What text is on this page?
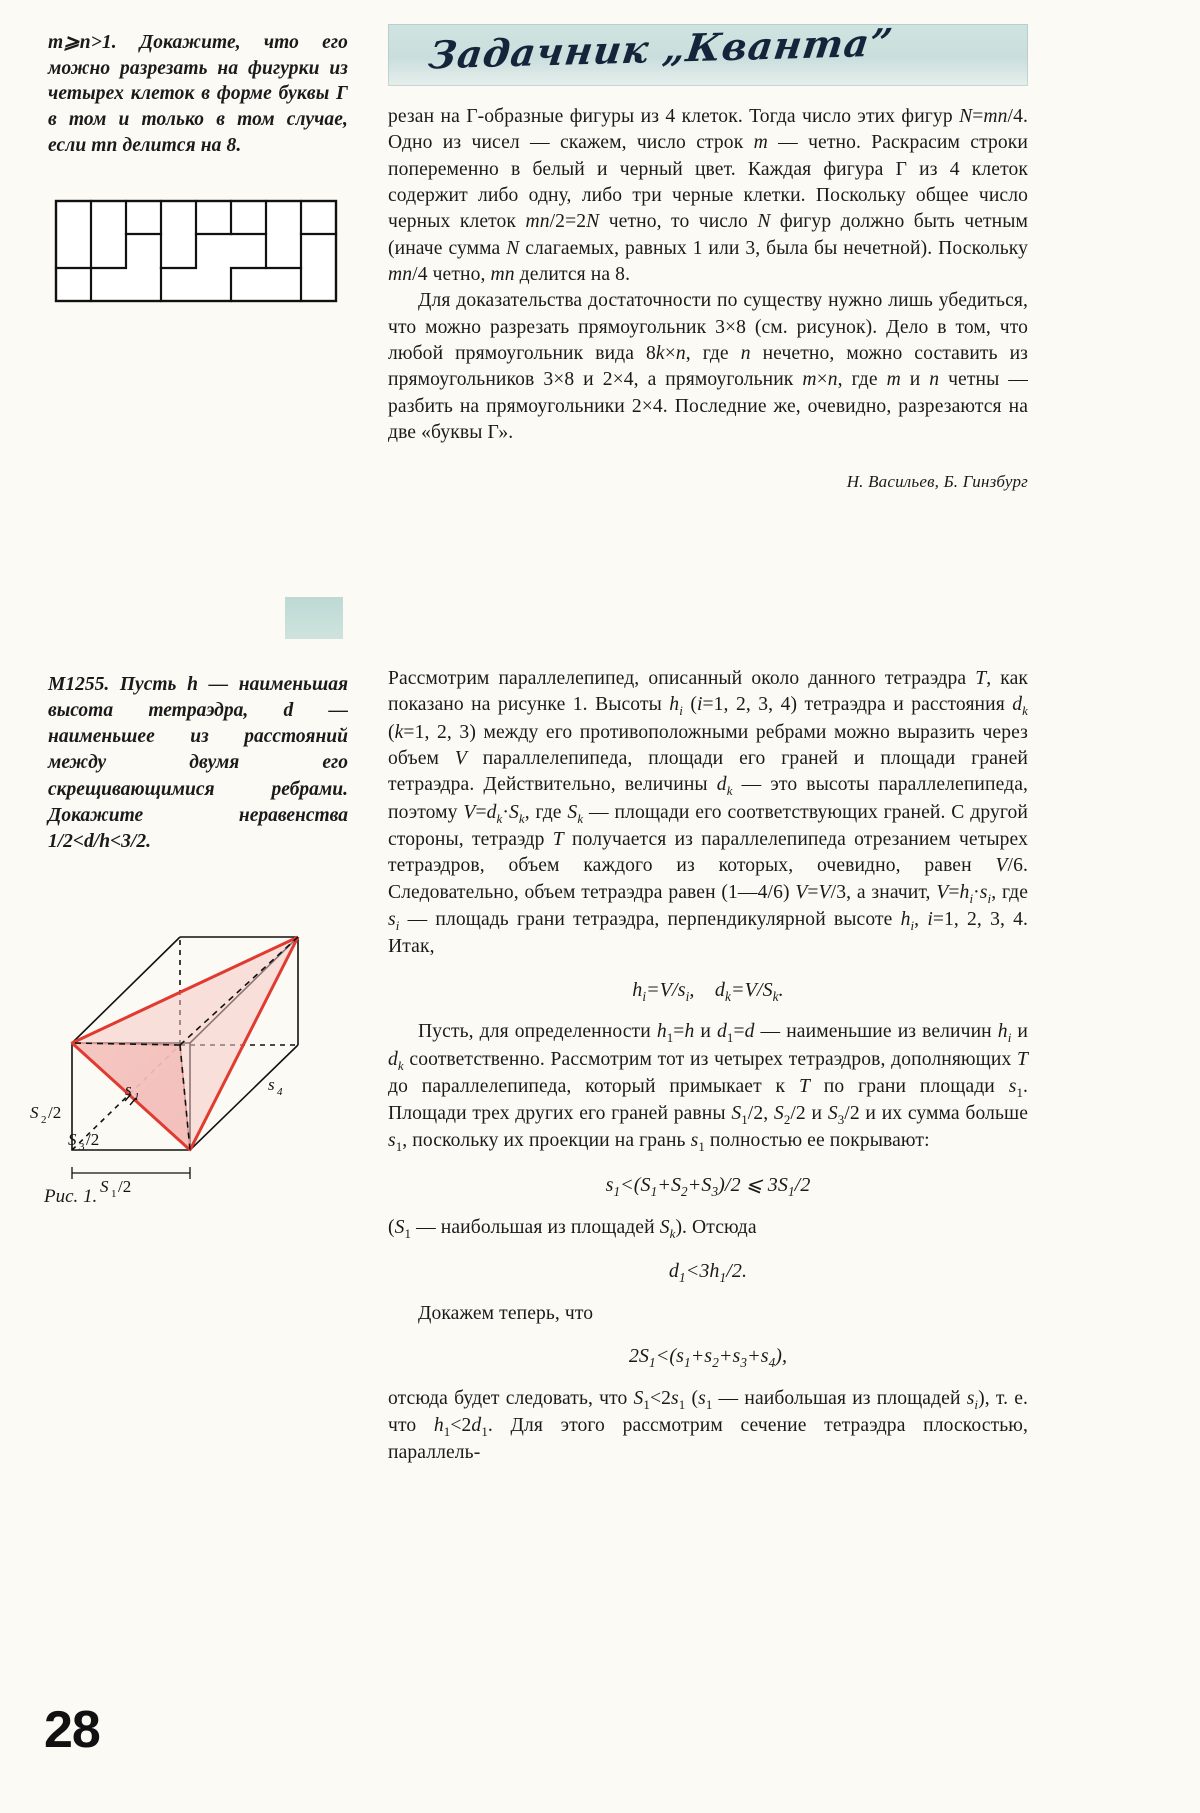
m⩾n>1. Докажите, что его можно разрезать на фигурки из четырех клеток в форме буквы Г в том и только в том случае, если mn делится на 8.
Задачник „Кванта”

резан на Г-образные фигуры из 4 клеток. Тогда число этих фигур N=mn/4. Одно из чисел — скажем, число строк m — четно. Раскрасим строки попеременно в белый и черный цвет. Каждая фигура Г из 4 клеток содержит либо одну, либо три черные клетки. Поскольку общее число черных клеток mn/2=2N четно, то число N фигур должно быть четным (иначе сумма N слагаемых, равных 1 или 3, была бы нечетной). Поскольку mn/4 четно, mn делится на 8.

Для доказательства достаточности по существу нужно лишь убедиться, что можно разрезать прямоугольник 3×8 (см. рисунок). Дело в том, что любой прямоугольник вида 8k×n, где n нечетно, можно составить из прямоугольников 3×8 и 2×4, а прямоугольник m×n, где m и n четны — разбить на прямоугольники 2×4. Последние же, очевидно, разрезаются на две «буквы Г».

Н. Васильев, Б. Гинзбург
М1255. Пусть h — наименьшая высота тетраэдра, d — наименьшее из расстояний между двумя его скрещивающимися ребрами. Докажите неравенства 1/2<d/h<3/2.
s 1
s 4
S 2 /2
S 3 /2
S 1 /2
Рис. 1.

Рассмотрим параллелепипед, описанный около данного тетраэдра T, как показано на рисунке 1. Высоты $h_i$ (i=1, 2, 3, 4) тетраэдра и расстояния $d_k$ (k=1, 2, 3) между его противоположными ребрами можно выразить через объем V параллелепипеда, площади его граней и площади граней тетраэдра. Действительно, величины $d_k$ — это высоты параллелепипеда, поэтому $V=d_k\cdot S_k$, где $S_k$ — площади его соответствующих граней. С другой стороны, тетраэдр T получается из параллелепипеда отрезанием четырех тетраэдров, объем каждого из которых, очевидно, равен V/6. Следовательно, объем тетраэдра равен (1—4/6) V=V/3, а значит, $V=h_i\cdot s_i$, где $s_i$ — площадь грани тетраэдра, перпендикулярной высоте $h_i$, i=1, 2, 3, 4. Итак,

$h_i=V/s_i$,    $d_k=V/S_k$.

Пусть, для определенности $h_1=h$ и $d_1=d$ — наименьшие из величин $h_i$ и $d_k$ соответственно. Рассмотрим тот из четырех тетраэдров, дополняющих T до параллелепипеда, который примыкает к T по грани площади $s_1$. Площади трех других его граней равны $S_1/2$, $S_2/2$ и $S_3/2$ и их сумма больше $s_1$, поскольку их проекции на грань $s_1$ полностью ее покрывают:

$s_1<(S_1+S_2+S_3)/2$ ⩽ $3S_1/2$

($S_1$ — наибольшая из площадей $S_k$). Отсюда

$d_1<3h_1/2$.

Докажем теперь, что

$2S_1<(s_1+s_2+s_3+s_4)$,

отсюда будет следовать, что $S_1<2s_1$ ($s_1$ — наибольшая из площадей $s_i$), т. е. что $h_1<2d_1$. Для этого рассмотрим сечение тетраэдра плоскостью, параллель-

28
